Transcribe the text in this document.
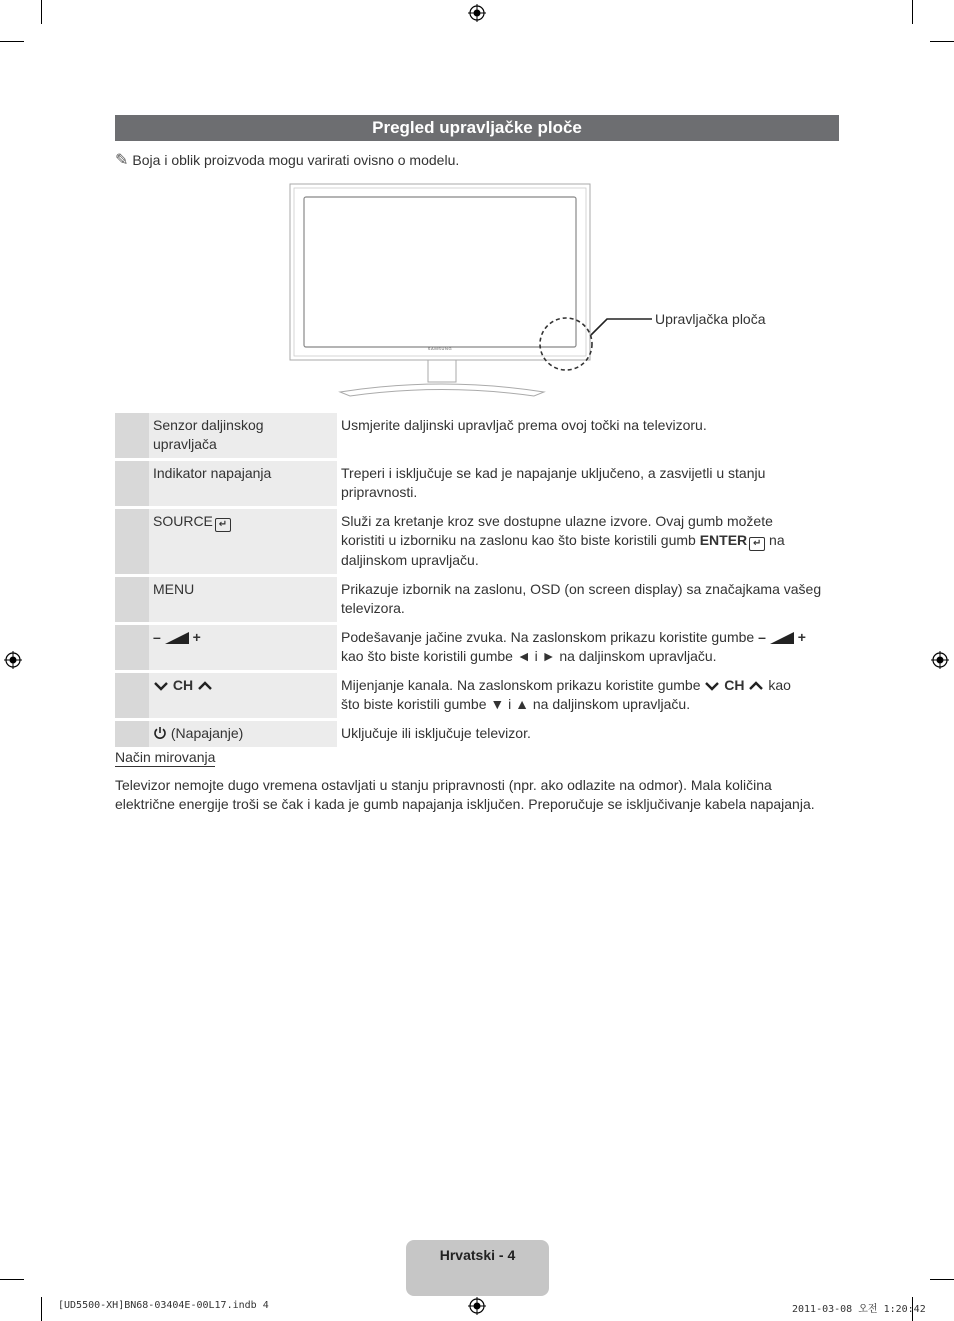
Pregled upravljačke ploče
✎ Boja i oblik proizvoda mogu varirati ovisno o modelu.
SAMSUNG
Upravljačka ploča
	Senzor daljinskog
upravljača	Usmjerite daljinski upravljač prema ovoj točki na televizoru.
	Indikator napajanja	Treperi i isključuje se kad je napajanje uključeno, a zasvijetli u stanju
pripravnosti.
	SOURCE ↵	Služi za kretanje kroz sve dostupne ulazne izvore. Ovaj gumb možete
koristiti u izborniku na zaslonu kao što biste koristili gumb ENTER ↵ na
daljinskom upravljaču.
	MENU	Prikazuje izbornik na zaslonu, OSD (on screen display) sa značajkama vašeg
televizora.
	– +	Podešavanje jačine zvuka. Na zaslonskom prikazu koristite gumbe – +
kao što biste koristili gumbe ◄ i ► na daljinskom upravljaču.
	CH	Mijenjanje kanala. Na zaslonskom prikazu koristite gumbe CH kao
što biste koristili gumbe ▼ i ▲ na daljinskom upravljaču.
	(Napajanje)	Uključuje ili isključuje televizor.
Način mirovanja
Televizor nemojte dugo vremena ostavljati u stanju pripravnosti (npr. ako odlazite na odmor). Mala količina
električne energije troši se čak i kada je gumb napajanja isključen. Preporučuje se isključivanje kabela napajanja.
Hrvatski - 4
[UD5500-XH]BN68-03404E-00L17.indb 4	2011-03-08 오전 1:20:42
